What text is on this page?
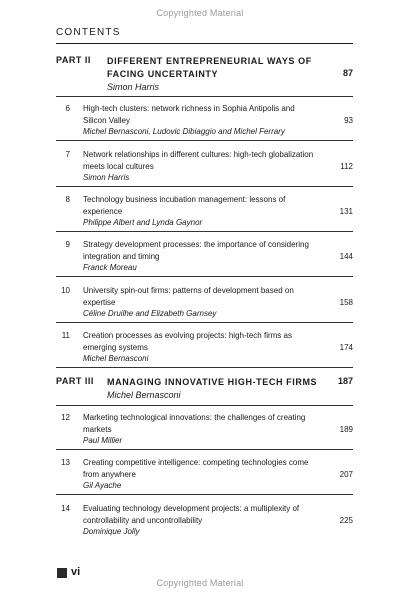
Copyrighted Material
CONTENTS
PART II DIFFERENT ENTREPRENEURIAL WAYS OF FACING UNCERTAINTY
Simon Harris
87
6 High-tech clusters: network richness in Sophia Antipolis and Silicon Valley
Michel Bernasconi, Ludovic Dibiaggio and Michel Ferrary
93
7 Network relationships in different cultures: high-tech globalization meets local cultures
Simon Harris
112
8 Technology business incubation management: lessons of experience
Philippe Albert and Lynda Gaynor
131
9 Strategy development processes: the importance of considering integration and timing
Franck Moreau
144
10 University spin-out firms: patterns of development based on expertise
Céline Druilhe and Elizabeth Garnsey
158
11 Creation processes as evolving projects: high-tech firms as emerging systems
Michel Bernasconi
174
PART III MANAGING INNOVATIVE HIGH-TECH FIRMS
Michel Bernasconi
187
12 Marketing technological innovations: the challenges of creating markets
Paul Millier
189
13 Creating competitive intelligence: competing technologies come from anywhere
Gil Ayache
207
14 Evaluating technology development projects: a multiplexity of controllability and uncontrollability
Dominique Jolly
225
vi
Copyrighted Material
